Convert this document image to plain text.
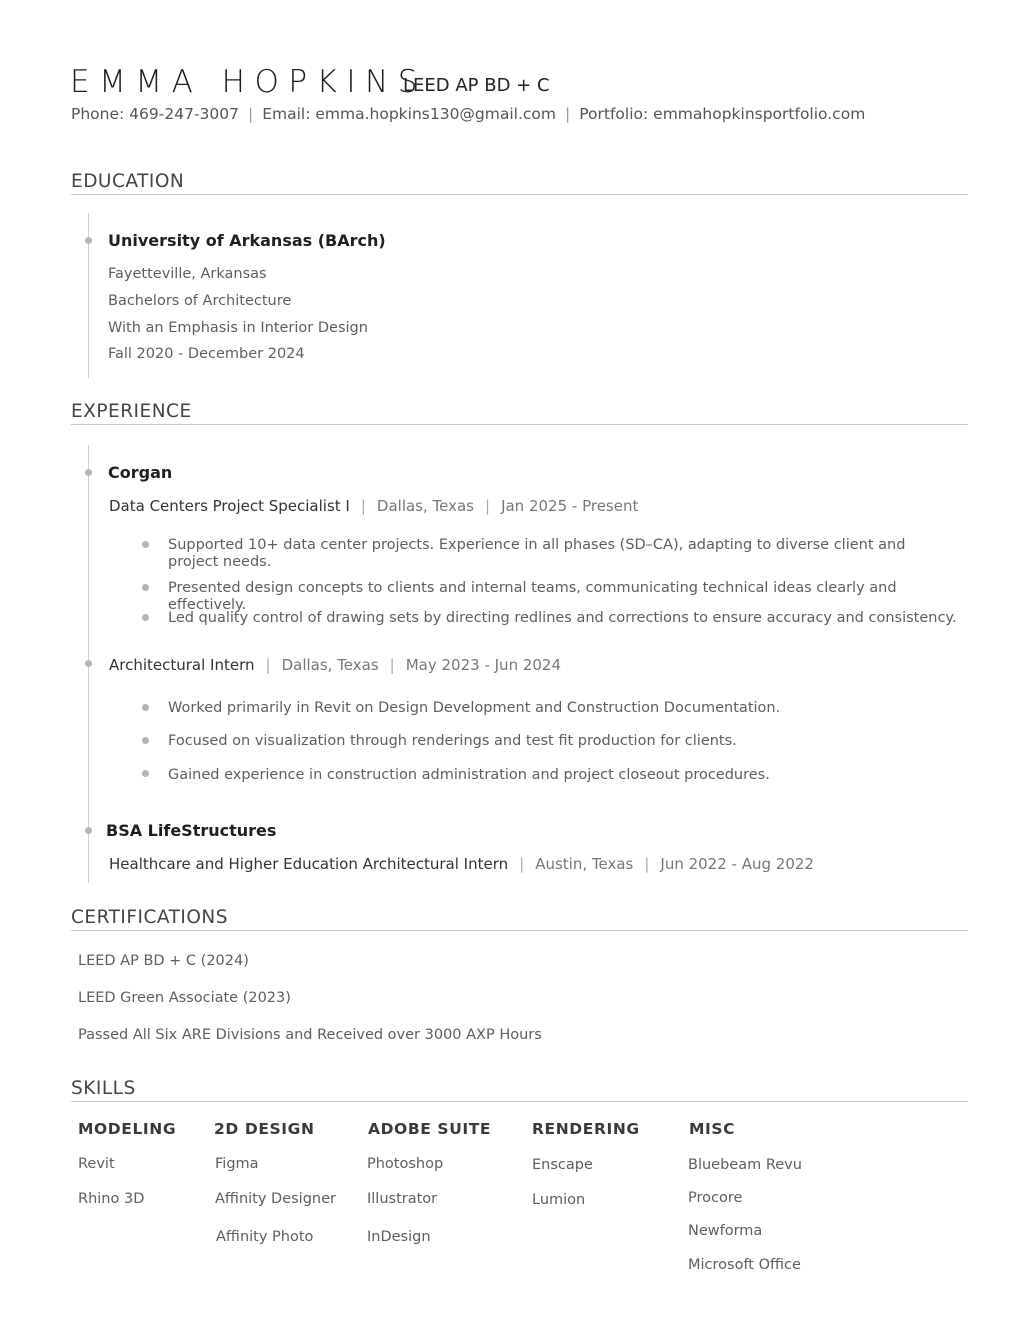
EMMA HOPKINS
LEED AP BD + C
Phone: 469-247-3007 | Email: emma.hopkins130@gmail.com | Portfolio: emmahopkinsportfolio.com
EDUCATION
University of Arkansas (BArch)
Fayetteville, Arkansas
Bachelors of Architecture
With an Emphasis in Interior Design
Fall 2020 - December 2024
EXPERIENCE
Corgan
Data Centers Project Specialist I | Dallas, Texas | Jan 2025 - Present
Supported 10+ data center projects. Experience in all phases (SD–CA), adapting to diverse client and project needs.
Presented design concepts to clients and internal teams, communicating technical ideas clearly and effectively.
Led quality control of drawing sets by directing redlines and corrections to ensure accuracy and consistency.
Architectural Intern | Dallas, Texas | May 2023 - Jun 2024
Worked primarily in Revit on Design Development and Construction Documentation.
Focused on visualization through renderings and test fit production for clients.
Gained experience in construction administration and project closeout procedures.
BSA LifeStructures
Healthcare and Higher Education Architectural Intern | Austin, Texas | Jun 2022 - Aug 2022
CERTIFICATIONS
LEED AP BD + C (2024)
LEED Green Associate (2023)
Passed All Six ARE Divisions and Received over 3000 AXP Hours
SKILLS
MODELING
Revit
Rhino 3D
2D DESIGN
Figma
Affinity Designer
Affinity Photo
ADOBE SUITE
Photoshop
Illustrator
InDesign
RENDERING
Enscape
Lumion
MISC
Bluebeam Revu
Procore
Newforma
Microsoft Office
